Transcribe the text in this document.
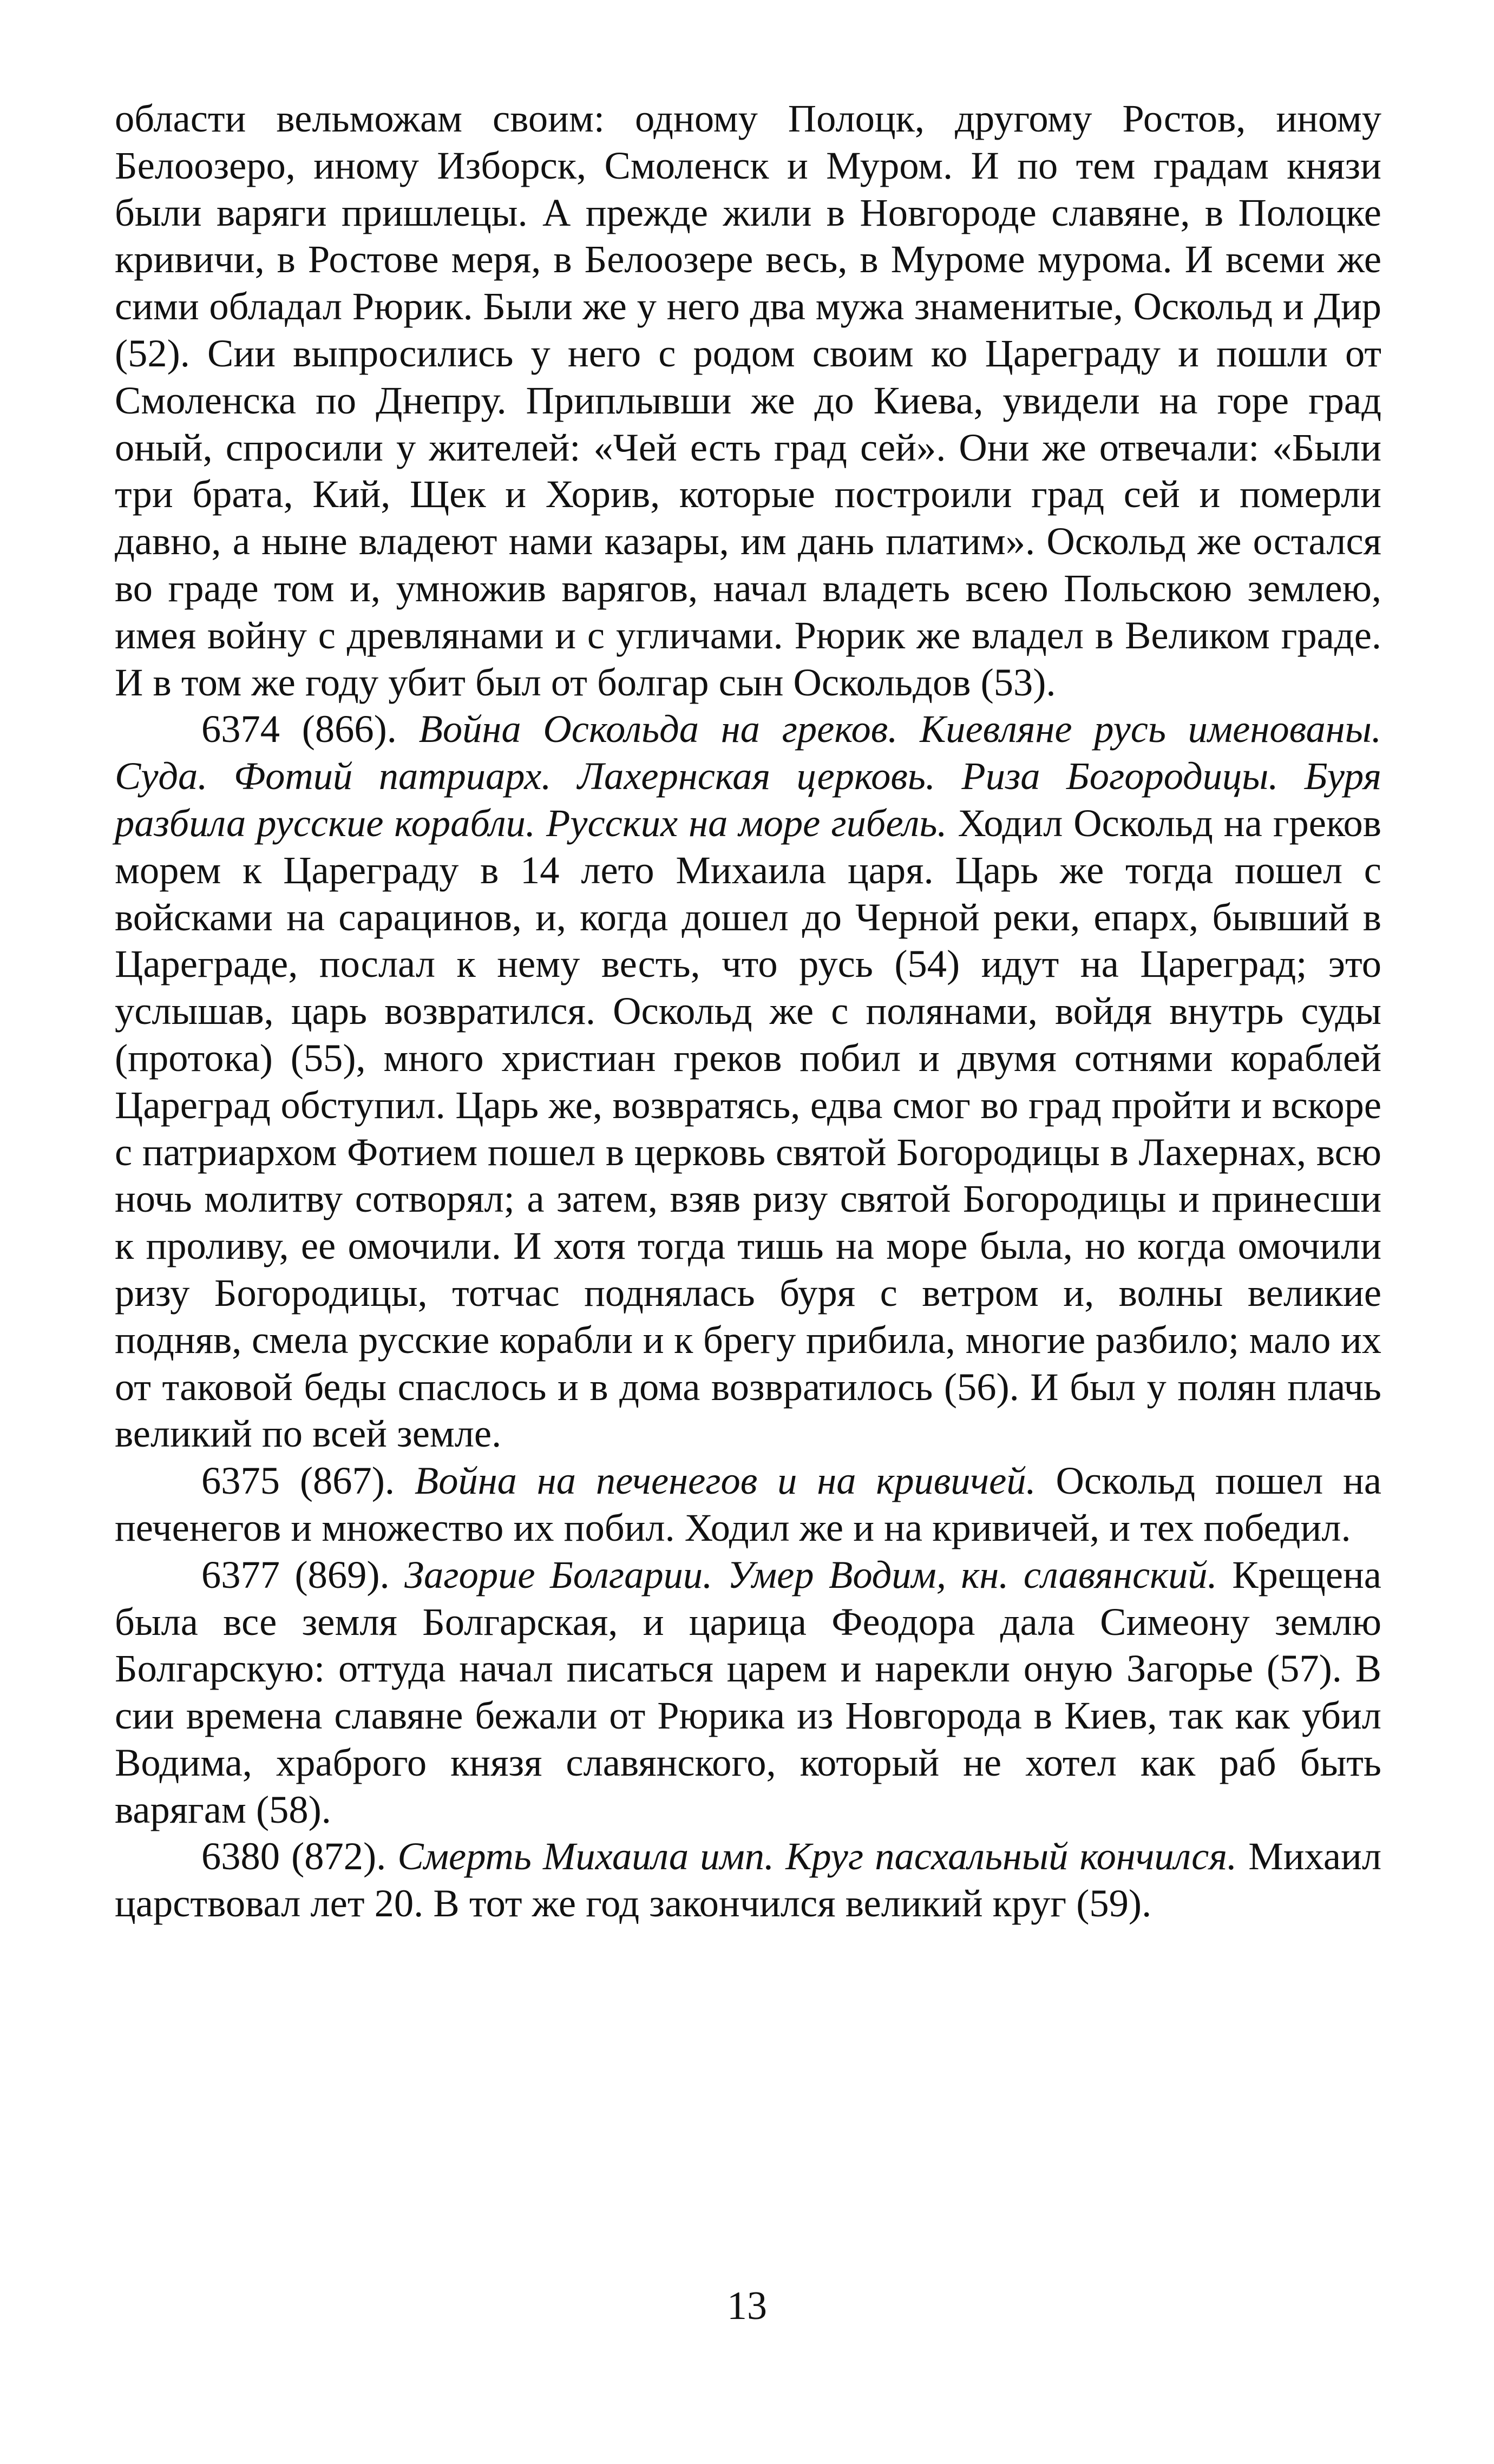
области вельможам своим: одному Полоцк, другому Ростов, иному Белоозеро, иному Изборск, Смоленск и Муром. И по тем градам князи были варяги пришлецы. А прежде жили в Новгороде славяне, в Полоцке кривичи, в Ростове меря, в Белоозере весь, в Муроме мурома. И всеми же сими обладал Рюрик. Были же у него два мужа знаменитые, Оскольд и Дир (52). Сии выпросились у него с родом своим ко Цареграду и пошли от Смоленска по Днепру. Приплывши же до Киева, увидели на горе град оный, спросили у жителей: «Чей есть град сей». Они же отвечали: «Были три брата, Кий, Щек и Хорив, которые построили град сей и померли давно, а ныне владеют нами казары, им дань платим». Оскольд же остался во граде том и, умножив варягов, начал владеть всею Польскою землею, имея войну с древлянами и с угличами. Рюрик же владел в Великом граде. И в том же году убит был от болгар сын Оскольдов (53).

6374 (866). Война Оскольда на греков. Киевляне русь именованы. Суда. Фотий патриарх. Лахернская церковь. Риза Богородицы. Буря разбила русские корабли. Русских на море гибель. Ходил Оскольд на греков морем к Цареграду в 14 лето Михаила царя. Царь же тогда пошел с войсками на сарацинов, и, когда дошел до Черной реки, епарх, бывший в Цареграде, послал к нему весть, что русь (54) идут на Цареград; это услышав, царь возвратился. Оскольд же с полянами, войдя внутрь суды (протока) (55), много христиан греков побил и двумя сотнями кораблей Цареград обступил. Царь же, возвратясь, едва смог во град пройти и вскоре с патриархом Фотием пошел в церковь святой Богородицы в Лахернах, всю ночь молитву сотворял; а затем, взяв ризу святой Богородицы и принесши к проливу, ее омочили. И хотя тогда тишь на море была, но когда омочили ризу Богородицы, тотчас поднялась буря с ветром и, волны великие подняв, смела русские корабли и к брегу прибила, многие разбило; мало их от таковой беды спаслось и в дома возвратилось (56). И был у полян плачь великий по всей земле.

6375 (867). Война на печенегов и на кривичей. Оскольд пошел на печенегов и множество их побил. Ходил же и на кривичей, и тех победил.

6377 (869). Загорие Болгарии. Умер Водим, кн. славянский. Крещена была все земля Болгарская, и царица Феодора дала Симеону землю Болгарскую: оттуда начал писаться царем и нарекли оную Загорье (57). В сии времена славяне бежали от Рюрика из Новгорода в Киев, так как убил Водима, храброго князя славянского, который не хотел как раб быть варягам (58).

6380 (872). Смерть Михаила имп. Круг пасхальный кончился. Михаил царствовал лет 20. В тот же год закончился великий круг (59).

13
